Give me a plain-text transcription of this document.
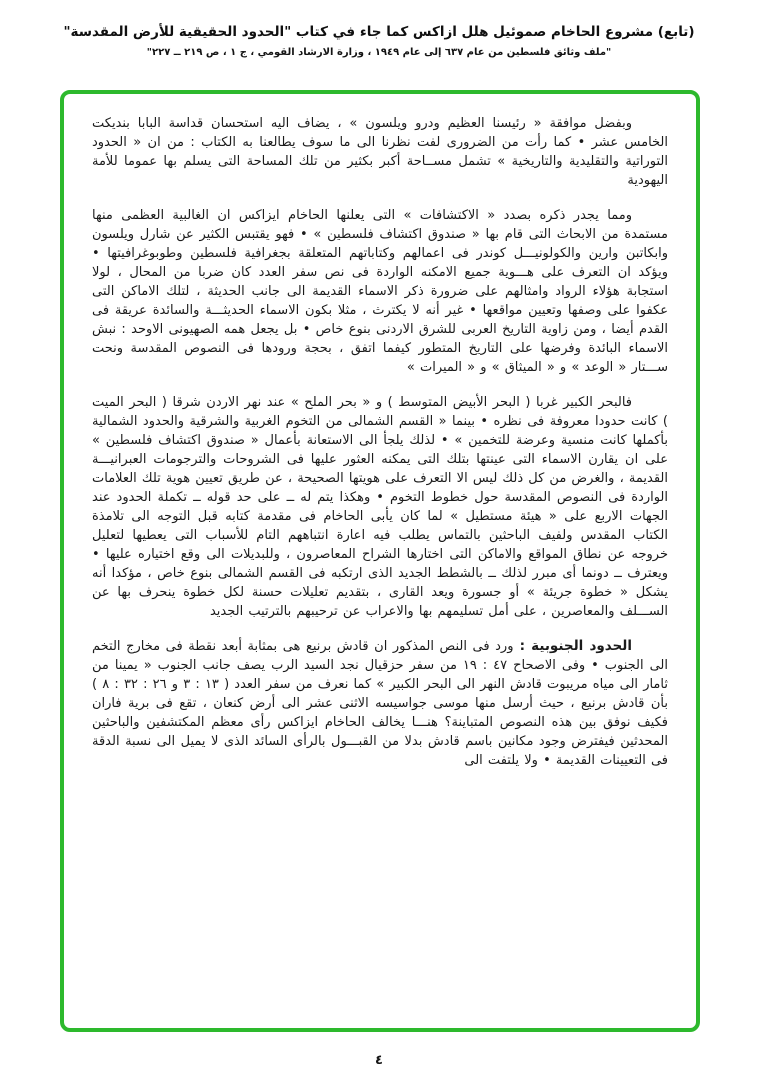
(تابع) مشروع الحاخام صموئيل هلل ازاكس كما جاء في كتاب "الحدود الحقيقية للأرض المقدسة"
"ملف وثائق فلسطين من عام ٦٣٧ إلى عام ١٩٤٩ ، وزارة الارشاد القومي ، ج ١ ، ص ٢١٩ ــ ٢٢٧"

وبفضل موافقة « رئيسنا العظيم ودرو ويلسون » ، يضاف اليه استحسان قداسة البابا بنديكت الخامس عشر • كما رأت من الضرورى لفت نظرنا الى ما سوف يطالعنا به الكتاب : من ان « الحدود التوراتية والتقليدية والتاريخية » تشمل مســاحة أكبر بكثير من تلك المساحة التى يسلم بها عموما للأمة اليهودية

ومما يجدر ذكره بصدد « الاكتشافات » التى يعلنها الحاخام ايزاكس ان الغالبية العظمى منها مستمدة من الابحاث التى قام بها « صندوق اكتشاف فلسطين » • فهو يقتبس الكثير عن شارل ويلسون وابكاتبن وارين والكولونيـــل كوندر فى اعمالهم وكتاباتهم المتعلقة بجغرافية فلسطين وطوبوغرافيتها • ويؤكد ان التعرف على هـــوية جميع الامكنه الواردة فى نص سفر العدد كان ضربا من المحال ، لولا استجابة هؤلاء الرواد وامثالهم على ضرورة ذكر الاسماء القديمة الى جانب الحديثة ، لتلك الاماكن التى عكفوا على وصفها وتعيين مواقعها • غير أنه لا يكترث ، مثلا بكون الاسماء الحديثـــة والسائدة عريقة فى القدم أيضا ، ومن زاوية التاريخ العربى للشرق الاردنى بنوع خاص • بل يجعل همه الصهيونى الاوحد : نبش الاسماء البائدة وفرضها على التاريخ المتطور كيفما اتفق ، بحجة ورودها فى النصوص المقدسة ونحت ســـتار « الوعد » و « الميثاق » و « الميرات »

فالبحر الكبير غربا ( البحر الأبيض المتوسط ) و « بحر الملح » عند نهر الاردن شرقا ( البحر الميت ) كانت حدودا معروفة فى نظره • بينما « القسم الشمالى من التخوم الغربية والشرقية والحدود الشمالية بأكملها كانت منسية وعرضة للتخمين » • لذلك يلجأ الى الاستعانة بأعمال « صندوق اكتشاف فلسطين » على ان يقارن الاسماء التى عينتها بتلك التى يمكنه العثور عليها فى الشروحات والترجومات العبرانيـــة القديمة ، والغرض من كل ذلك ليس الا التعرف على هويتها الصحيحة ، عن طريق تعيين هوية تلك العلامات الواردة فى النصوص المقدسة حول خطوط التخوم • وهكذا يتم له ــ على حد قوله ــ تكملة الحدود عند الجهات الاربع على « هيئة مستطيل » لما كان يأبى الحاخام فى مقدمة كتابه قبل التوجه الى تلامذة الكتاب المقدس ولفيف الباحثين بالتماس يطلب فيه اعارة انتباههم التام للأسباب التى يعطيها لتعليل خروجه عن نطاق المواقع والاماكن التى اختارها الشراح المعاصرون ، وللبديلات الى وقع اختياره عليها • ويعترف ــ دونما أى مبرر لذلك ــ بالشطط الجديد الذى ارتكبه فى القسم الشمالى بنوع خاص ، مؤكدا أنه يشكل « خطوة جريئة » أو جسورة ويعد القارى ، بتقديم تعليلات حسنة لكل خطوة ينحرف بها عن الســـلف والمعاصرين ، على أمل تسليمهم بها والاعراب عن ترحيبهم بالترتيب الجديد

الحدود الجنوبية : ورد فى النص المذكور ان قادش برنيع هى بمثابة أبعد نقطة فى مخارج التخم الى الجنوب • وفى الاصحاح ٤٧ : ١٩ من سفر حزقيال نجد السيد الرب يصف جانب الجنوب « يمينا من ثامار الى مياه مريبوت قادش النهر الى البحر الكبير » كما نعرف من سفر العدد ( ١٣ : ٣ و ٢٦ : ٣٢ : ٨ ) بأن قادش برنيع ، حيث أرسل منها موسى جواسيسه الاثنى عشر الى أرض كنعان ، تقع فى برية فاران فكيف نوفق بين هذه النصوص المتباينة؟ هنـــا يخالف الحاخام ايزاكس رأى معظم المكتشفين والباحثين المحدثين فيفترض وجود مكانين باسم قادش بدلا من القبـــول بالرأى السائد الذى لا يميل الى نسبة الدقة فى التعيينات القديمة • ولا يلتفت الى

٤
